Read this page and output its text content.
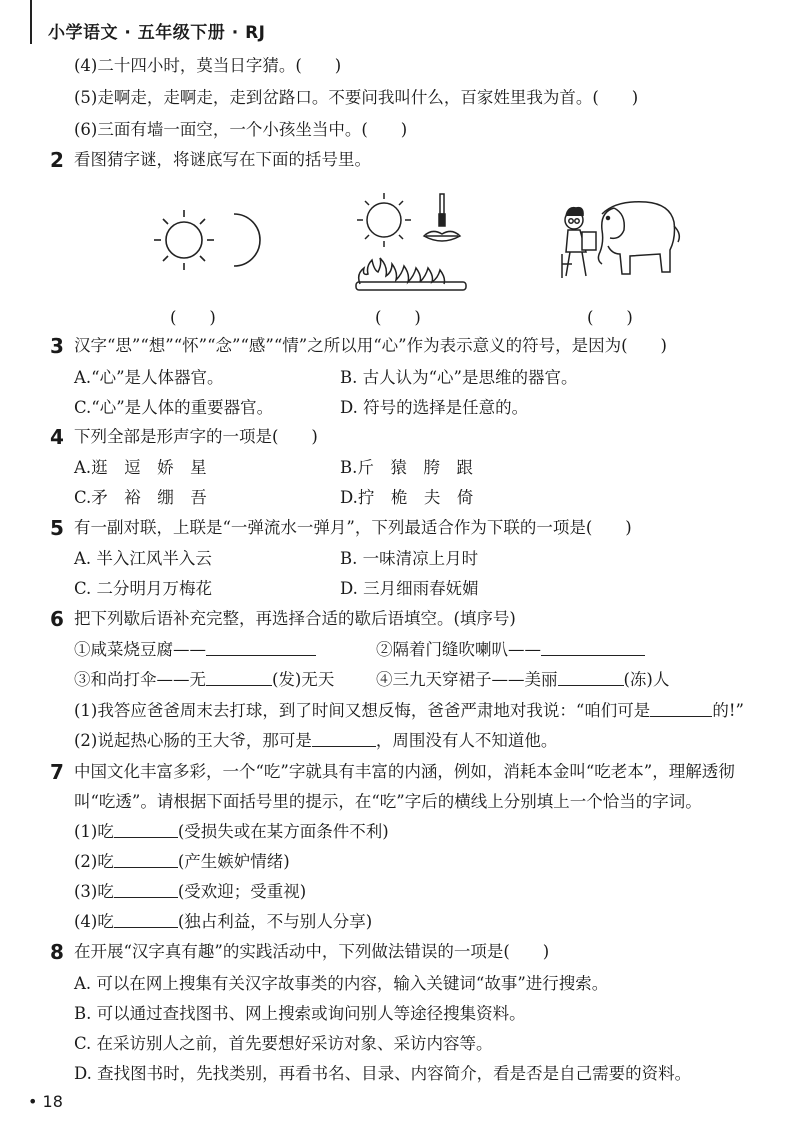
小学语文 · 五年级下册 · RJ
(4)二十四小时，莫当日字猜。(　　)
(5)走啊走，走啊走，走到岔路口。不要问我叫什么，百家姓里我为首。(　　)
(6)三面有墙一面空，一个小孩坐当中。(　　)
2 看图猜字谜，将谜底写在下面的括号里。
(　　)	(　　)	(　　)
3 汉字“思”“想”“怀”“念”“感”“情”之所以用“心”作为表示意义的符号，是因为(　　)
A.“心”是人体器官。	B. 古人认为“心”是思维的器官。
C.“心”是人体的重要器官。	D. 符号的选择是任意的。
4 下列全部是形声字的一项是(　　)
A.逛　逗　娇　星	B.斤　猿　胯　跟
C.矛　裕　绷　吾	D.拧　桅　夫　倚
5 有一副对联，上联是“一弹流水一弹月”，下列最适合作为下联的一项是(　　)
A. 半入江风半入云	B. 一味清凉上月时
C. 二分明月万梅花	D. 三月细雨春妩媚
6 把下列歇后语补充完整，再选择合适的歇后语填空。(填序号)
①咸菜烧豆腐——	②隔着门缝吹喇叭——
③和尚打伞——无	(发)无天	④三九天穿裙子——美丽	(冻)人
(1)我答应爸爸周末去打球，到了时间又想反悔，爸爸严肃地对我说：“咱们可是	的!”
(2)说起热心肠的王大爷，那可是	，周围没有人不知道他。
7 中国文化丰富多彩，一个“吃”字就具有丰富的内涵，例如，消耗本金叫“吃老本”，理解透彻
叫“吃透”。请根据下面括号里的提示，在“吃”字后的横线上分别填上一个恰当的字词。
(1)吃	(受损失或在某方面条件不利)
(2)吃	(产生嫉妒情绪)
(3)吃	(受欢迎；受重视)
(4)吃	(独占利益，不与别人分享)
8 在开展“汉字真有趣”的实践活动中，下列做法错误的一项是(　　)
A. 可以在网上搜集有关汉字故事类的内容，输入关键词“故事”进行搜索。
B. 可以通过查找图书、网上搜索或询问别人等途径搜集资料。
C. 在采访别人之前，首先要想好采访对象、采访内容等。
D. 查找图书时，先找类别，再看书名、目录、内容简介，看是否是自己需要的资料。
• 18
